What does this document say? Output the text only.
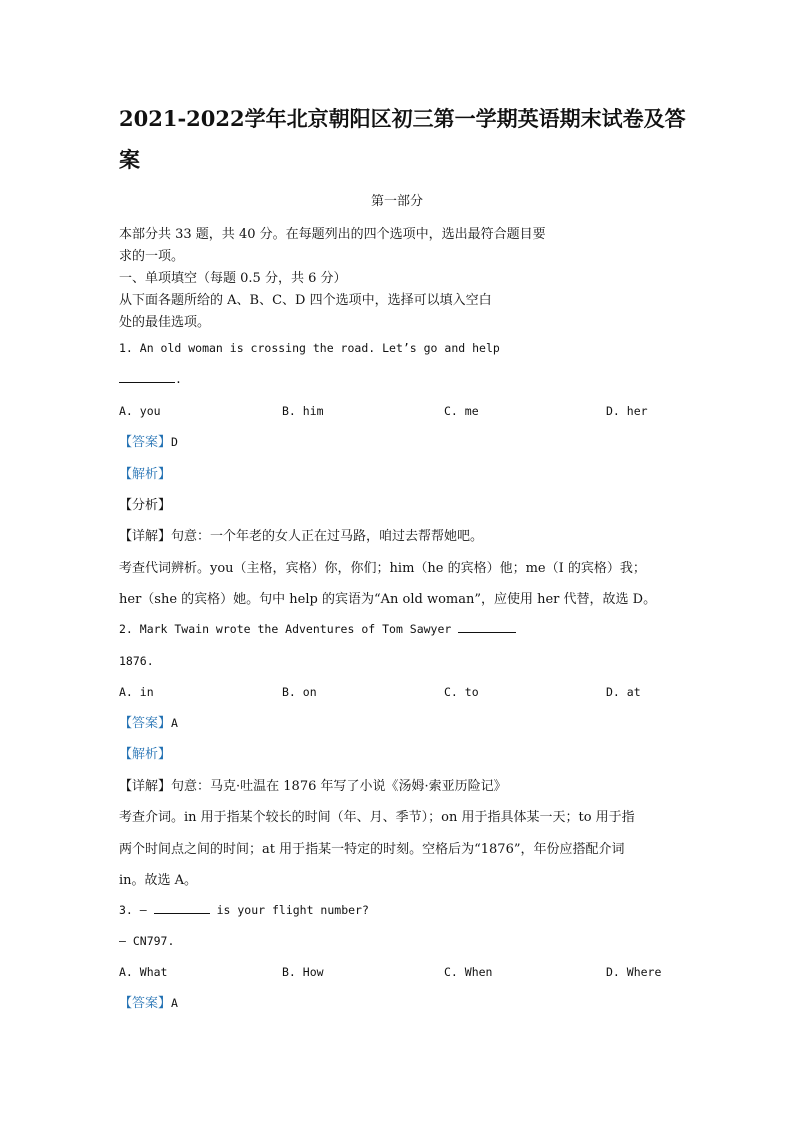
2021-2022学年北京朝阳区初三第一学期英语期末试卷及答
案
第一部分
本部分共 33 题，共 40 分。在每题列出的四个选项中，选出最符合题目要
求的一项。
一、单项填空（每题 0.5 分，共 6 分）
从下面各题所给的 A、B、C、D 四个选项中，选择可以填入空白
处的最佳选项。
1. An old woman is crossing the road. Let’s go and help
.
A. you	B. him	C. me	D. her
【答案】D
【解析】
【分析】
【详解】句意：一个年老的女人正在过马路，咱过去帮帮她吧。
考查代词辨析。you（主格，宾格）你，你们；him（he 的宾格）他；me（I 的宾格）我；
her（she 的宾格）她。句中 help 的宾语为“An old woman”，应使用 her 代替，故选 D。
2. Mark Twain wrote the Adventures of Tom Sawyer
1876.
A. in	B. on	C. to	D. at
【答案】A
【解析】
【详解】句意：马克·吐温在 1876 年写了小说《汤姆·索亚历险记》
考查介词。in 用于指某个较长的时间（年、月、季节）；on 用于指具体某一天；to 用于指
两个时间点之间的时间；at 用于指某一特定的时刻。空格后为“1876”，年份应搭配介词
in。故选 A。
3. —	is your flight number?
— CN797.
A. What	B. How	C. When	D. Where
【答案】A
